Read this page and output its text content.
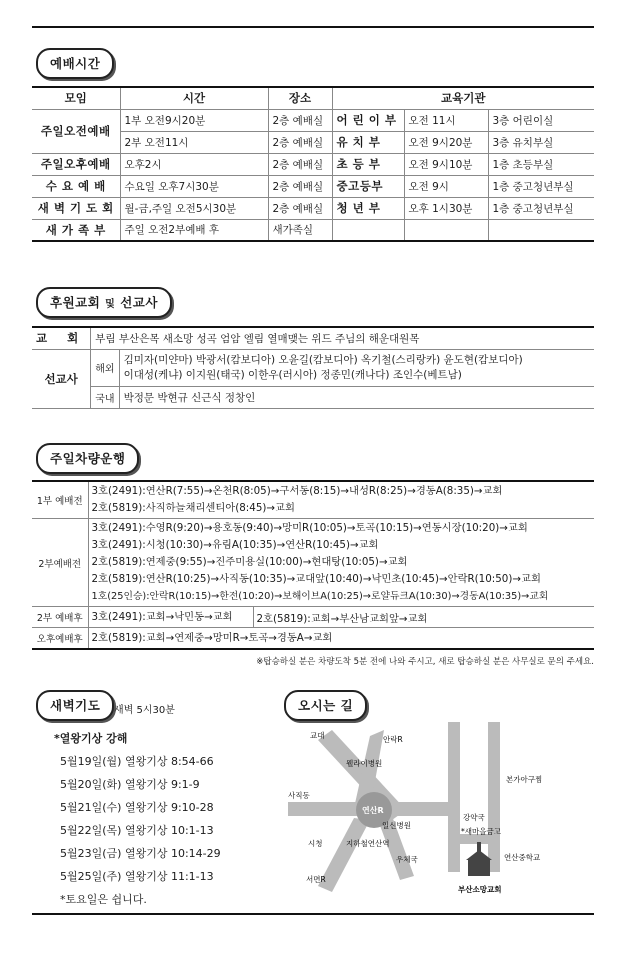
예배시간
모임	시간	장소	교육기관		
주일오전예배	1부 오전9시20분	2층 예배실	어 린 이 부	오전 11시	3층 어린이실
	2부 오전11시	2층 예배실	유 치 부	오전 9시20분	3층 유치부실
주일오후예배	오후2시	2층 예배실	초 등 부	오전 9시10분	1층 초등부실
수 요 예 배	수요일 오후7시30분	2층 예배실	중고등부	오전 9시	1층 중고청년부실
새 벽 기 도 회	월-금,주일 오전5시30분	2층 예배실	청 년 부	오후 1시30분	1층 중고청년부실
새 가 족 부	주일 오전2부예배 후	새가족실			
후원교회 및 선교사
교 회	부림 부산은목 새소망 성곡 엄암 엘림 열매맺는 위드 주님의 해운대원목	
선교사	해외	김미자(미얀마) 박광서(캄보디아) 오윤길(캄보디아) 옥기철(스리랑카) 윤도현(캄보디아)
이대성(케냐) 이지원(태국) 이한우(러시아) 정종민(캐나다) 조인수(베트남)

	국내	박정문 박현규 신근식 정창인
주일차량운행
1부 예배전	3호(2491):연산R(7:55)→온천R(8:05)→구서동(8:15)→내성R(8:25)→경동A(8:35)→교회
2호(5819):사직하늘채리센티아(8:45)→교회	

2부예배전	3호(2491):수영R(9:20)→용호동(9:40)→망미R(10:05)→토곡(10:15)→연동시장(10:20)→교회
3호(2491):시청(10:30)→유림A(10:35)→연산R(10:45)→교회
2호(5819):연제중(9:55)→진주미용실(10:00)→현대탕(10:05)→교회
2호(5819):연산R(10:25)→사직동(10:35)→교대앞(10:40)→낙민초(10:45)→안락R(10:50)→교회
1호(25인승):안락R(10:15)→한전(10:20)→보해이브A(10:25)→로얄듀크A(10:30)→경동A(10:35)→교회	

2부 예배후	3호(2491):교회→낙민동→교회	2호(5819):교회→부산남교회앞→교회
오후예배후	2호(5819):교회→연제중→망미R→토곡→경동A→교회	
※탑승하실 분은 차량도착 5분 전에 나와 주시고, 새로 탑승하실 분은 사무실로 문의 주세요.
새벽기도	새벽 5시30분
*열왕기상 강해
5월19일(월) 열왕기상 8:54-66
5월20일(화) 열왕기상 9:1-9
5월21일(수) 열왕기상 9:10-28
5월22일(목) 열왕기상 10:1-13
5월23일(금) 열왕기상 10:14-29
5월25일(주) 열왕기상 11:1-13
*토요일은 쉽니다.
오시는 길
연산R
교대	안락R
웰라이병원
사직동
일신병원
시청	지하철연산역
우체국
서면R
강약국
*새마을금고
본가아구찜
연산중학교
부산소망교회
